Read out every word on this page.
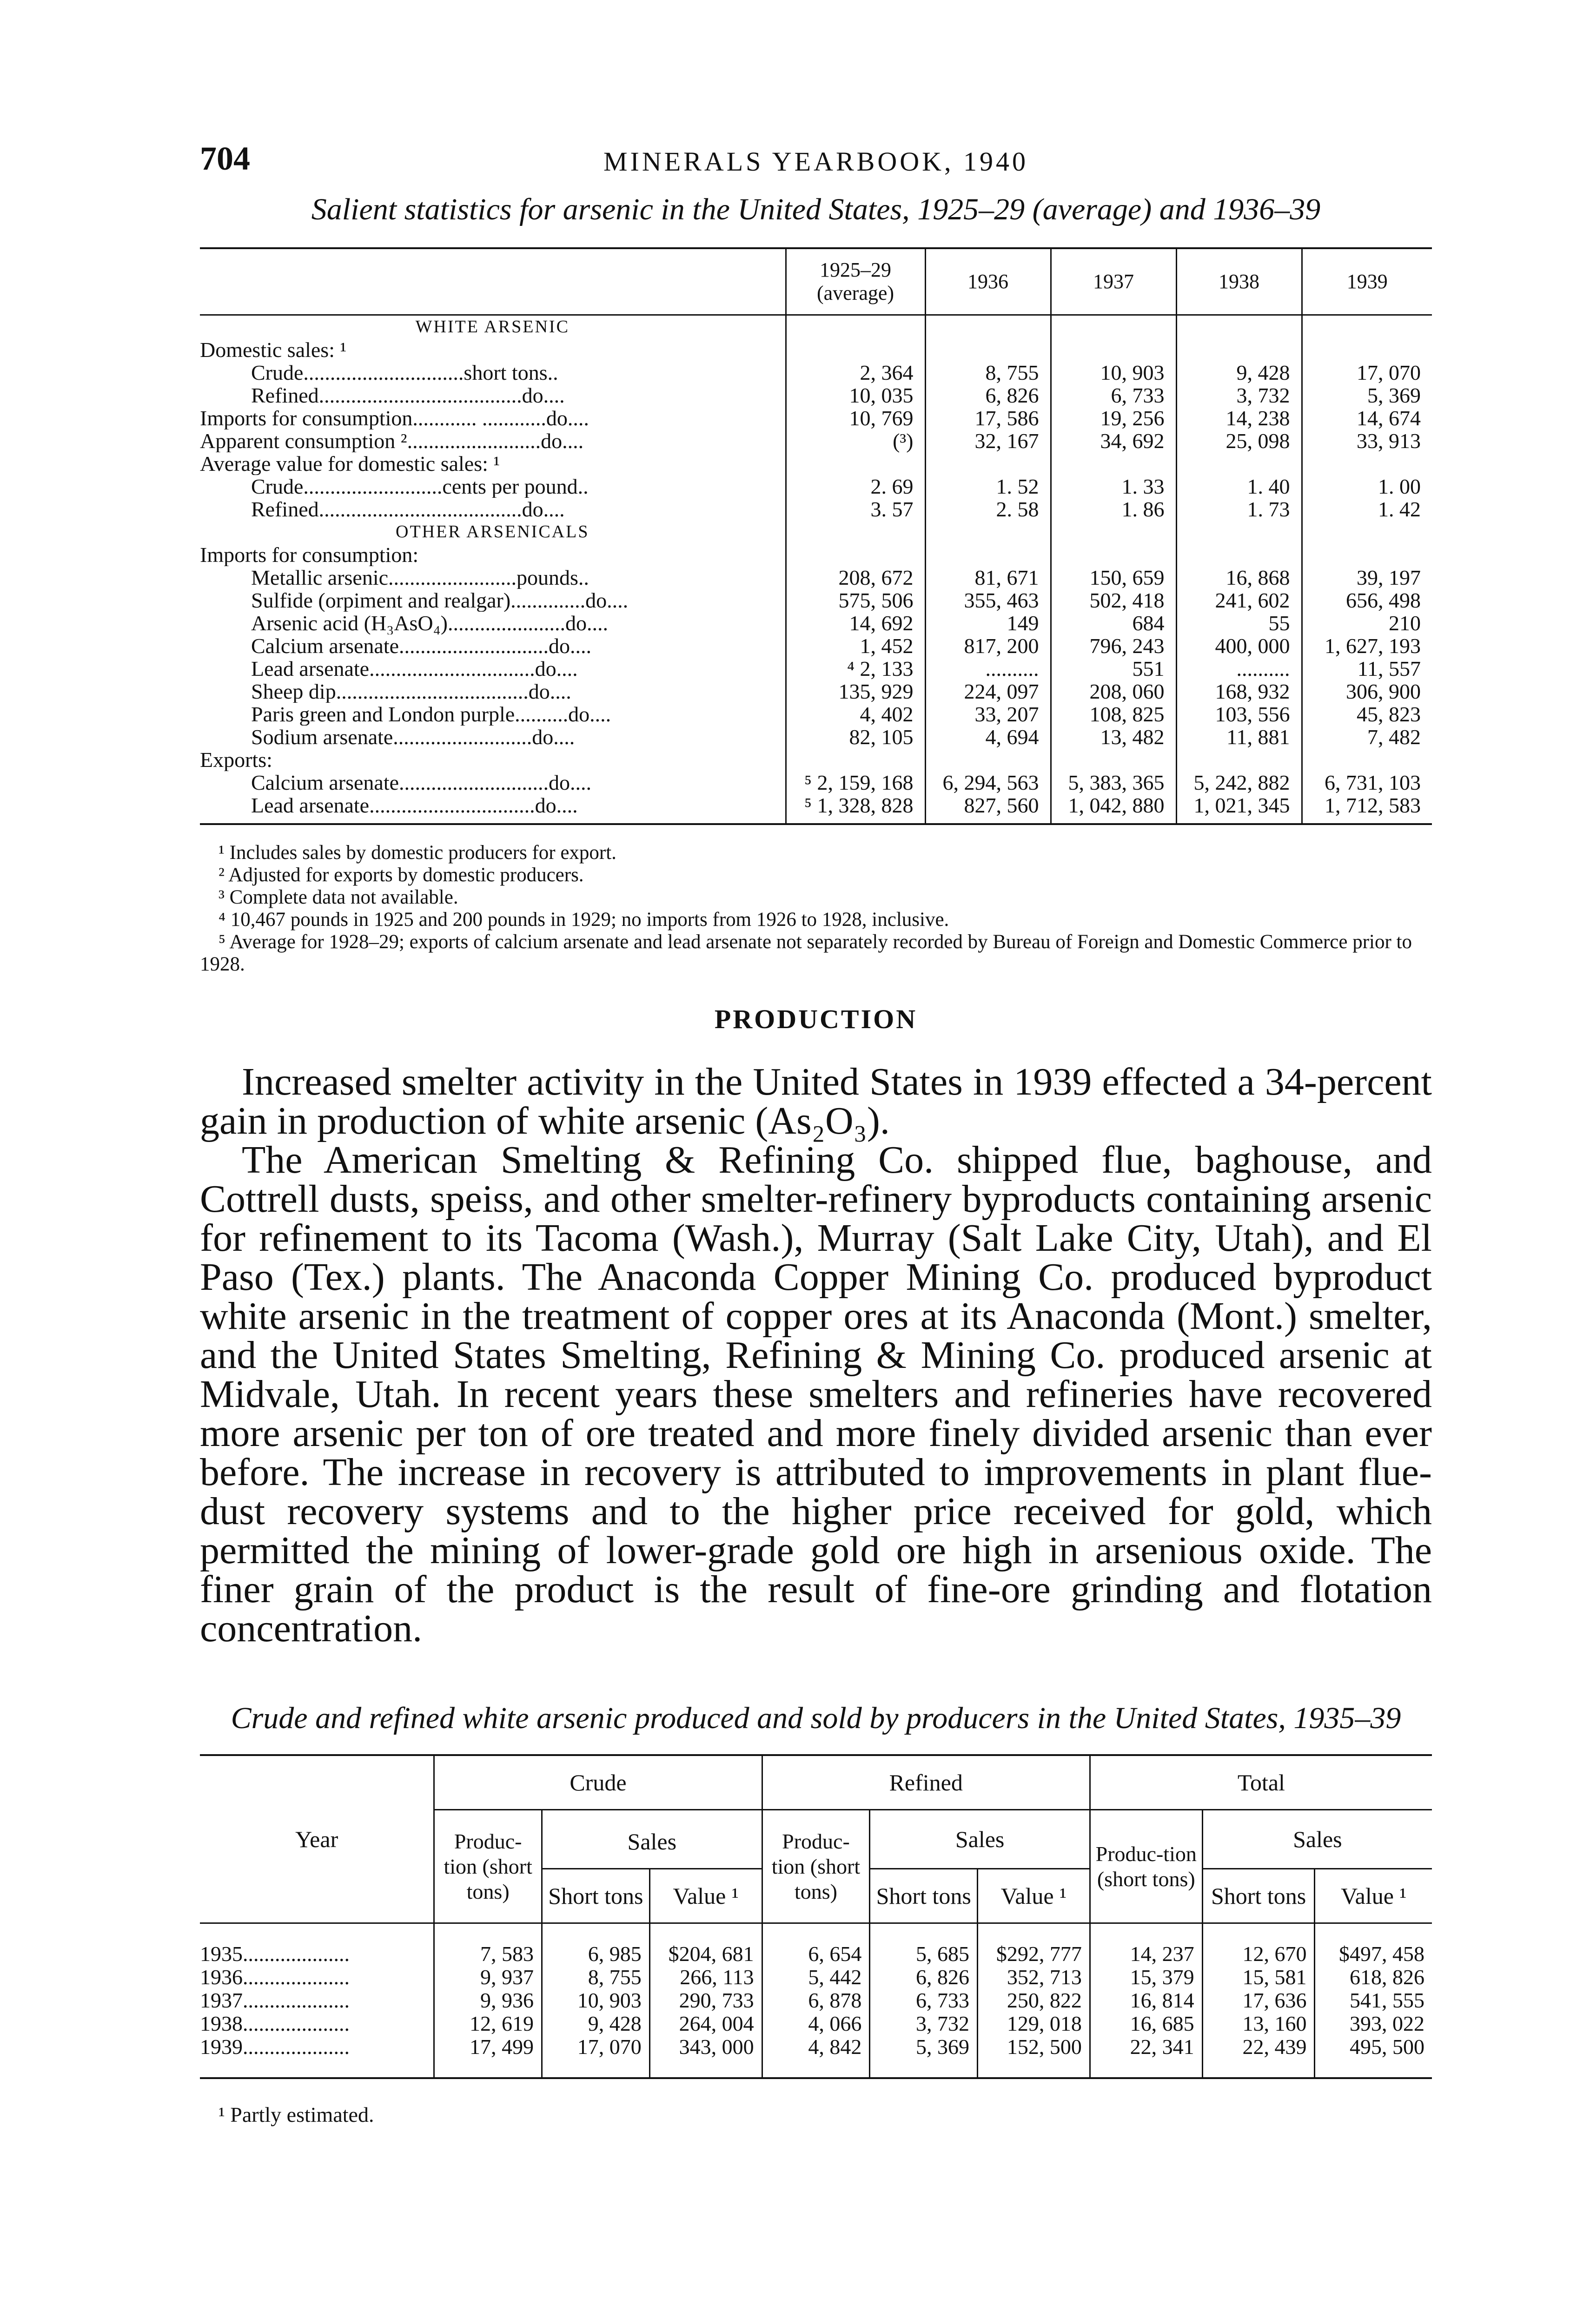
704	MINERALS YEARBOOK, 1940
Salient statistics for arsenic in the United States, 1925–29 (average) and 1936–39
	1925–29 (average)	1936	1937	1938	1939
WHITE ARSENIC					
Domestic sales: ¹					
Crude..............................short tons..	2, 364	8, 755	10, 903	9, 428	17, 070
Refined......................................do....	10, 035	6, 826	6, 733	3, 732	5, 369
Imports for consumption............ ............do....	10, 769	17, 586	19, 256	14, 238	14, 674
Apparent consumption ².........................do....	(³)	32, 167	34, 692	25, 098	33, 913
Average value for domestic sales: ¹					
Crude..........................cents per pound..	2. 69	1. 52	1. 33	1. 40	1. 00
Refined......................................do....	3. 57	2. 58	1. 86	1. 73	1. 42
OTHER ARSENICALS					
Imports for consumption:					
Metallic arsenic........................pounds..	208, 672	81, 671	150, 659	16, 868	39, 197
Sulfide (orpiment and realgar)..............do....	575, 506	355, 463	502, 418	241, 602	656, 498
Arsenic acid (H₃AsO₄)......................do....	14, 692	149	684	55	210
Calcium arsenate............................do....	1, 452	817, 200	796, 243	400, 000	1, 627, 193
Lead arsenate...............................do....	⁴ 2, 133	..........	551	..........	11, 557
Sheep dip....................................do....	135, 929	224, 097	208, 060	168, 932	306, 900
Paris green and London purple..........do....	4, 402	33, 207	108, 825	103, 556	45, 823
Sodium arsenate..........................do....	82, 105	4, 694	13, 482	11, 881	7, 482
Exports:					
Calcium arsenate............................do....	⁵ 2, 159, 168	6, 294, 563	5, 383, 365	5, 242, 882	6, 731, 103
Lead arsenate...............................do....	⁵ 1, 328, 828	827, 560	1, 042, 880	1, 021, 345	1, 712, 583

¹ Includes sales by domestic producers for export.
² Adjusted for exports by domestic producers.
³ Complete data not available.
⁴ 10,467 pounds in 1925 and 200 pounds in 1929; no imports from 1926 to 1928, inclusive.
⁵ Average for 1928–29; exports of calcium arsenate and lead arsenate not separately recorded by Bureau of Foreign and Domestic Commerce prior to 1928.
PRODUCTION

Increased smelter activity in the United States in 1939 effected a 34-percent gain in production of white arsenic (As₂O₃).

The American Smelting & Refining Co. shipped flue, baghouse, and Cottrell dusts, speiss, and other smelter-refinery byproducts containing arsenic for refinement to its Tacoma (Wash.), Murray (Salt Lake City, Utah), and El Paso (Tex.) plants. The Anaconda Copper Mining Co. produced byproduct white arsenic in the treatment of copper ores at its Anaconda (Mont.) smelter, and the United States Smelting, Refining & Mining Co. produced arsenic at Midvale, Utah. In recent years these smelters and refineries have recovered more arsenic per ton of ore treated and more finely divided arsenic than ever before. The increase in recovery is attributed to improvements in plant flue-dust recovery systems and to the higher price received for gold, which permitted the mining of lower-grade gold ore high in arsenious oxide. The finer grain of the product is the result of fine-ore grinding and flotation concentration.

Crude and refined white arsenic produced and sold by producers in the United States, 1935–39
Year	Crude			Refined			Total		
	Produc-tion (short tons)	Sales		Produc-tion (short tons)	Sales		Produc-tion (short tons)	Sales	
		Short tons	Value ¹		Short tons	Value ¹		Short tons	Value ¹
1935....................	7, 583	6, 985	$204, 681	6, 654	5, 685	$292, 777	14, 237	12, 670	$497, 458
1936....................	9, 937	8, 755	266, 113	5, 442	6, 826	352, 713	15, 379	15, 581	618, 826
1937....................	9, 936	10, 903	290, 733	6, 878	6, 733	250, 822	16, 814	17, 636	541, 555
1938....................	12, 619	9, 428	264, 004	4, 066	3, 732	129, 018	16, 685	13, 160	393, 022
1939....................	17, 499	17, 070	343, 000	4, 842	5, 369	152, 500	22, 341	22, 439	495, 500
¹ Partly estimated.
